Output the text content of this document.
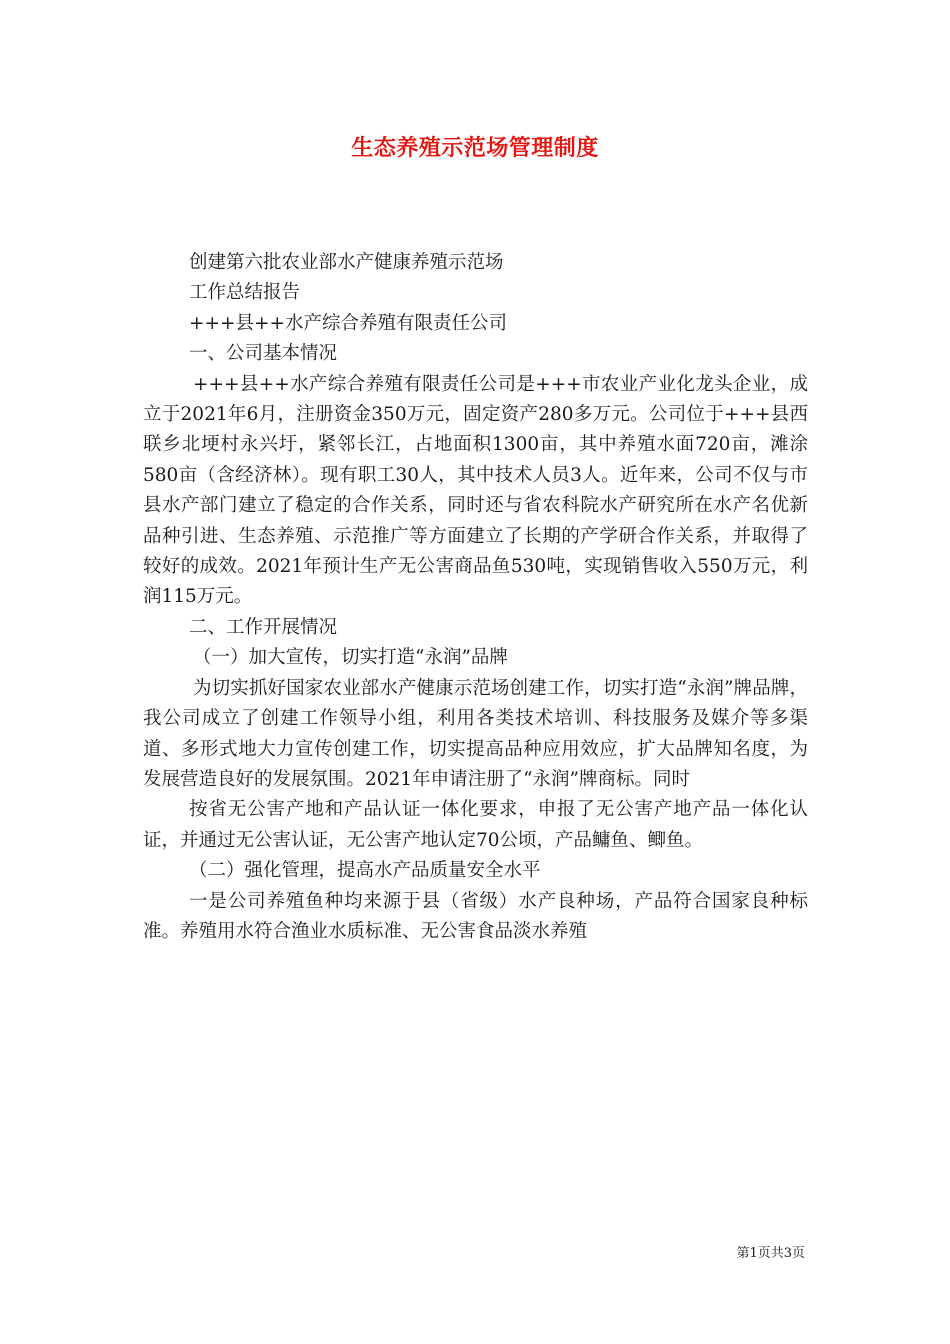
生态养殖示范场管理制度

创建第六批农业部水产健康养殖示范场

工作总结报告

+++县++水产综合养殖有限责任公司

一、公司基本情况

+++县++水产综合养殖有限责任公司是+++市农业产业化龙头企业，成立于2021年6月，注册资金350万元，固定资产280多万元。公司位于+++县西联乡北埂村永兴圩，紧邻长江，占地面积1300亩，其中养殖水面720亩，滩涂580亩（含经济林）。现有职工30人，其中技术人员3人。近年来，公司不仅与市县水产部门建立了稳定的合作关系，同时还与省农科院水产研究所在水产名优新品种引进、生态养殖、示范推广等方面建立了长期的产学研合作关系，并取得了较好的成效。2021年预计生产无公害商品鱼530吨，实现销售收入550万元，利润115万元。

二、工作开展情况

（一）加大宣传，切实打造“永润”品牌

为切实抓好国家农业部水产健康示范场创建工作，切实打造“永润”牌品牌，我公司成立了创建工作领导小组，利用各类技术培训、科技服务及媒介等多渠道、多形式地大力宣传创建工作，切实提高品种应用效应，扩大品牌知名度，为发展营造良好的发展氛围。2021年申请注册了“永润”牌商标。同时

按省无公害产地和产品认证一体化要求，申报了无公害产地产品一体化认证，并通过无公害认证，无公害产地认定70公顷，产品鳙鱼、鲫鱼。

（二）强化管理，提高水产品质量安全水平

一是公司养殖鱼种均来源于县（省级）水产良种场，产品符合国家良种标准。养殖用水符合渔业水质标准、无公害食品淡水养殖

第1页共3页
